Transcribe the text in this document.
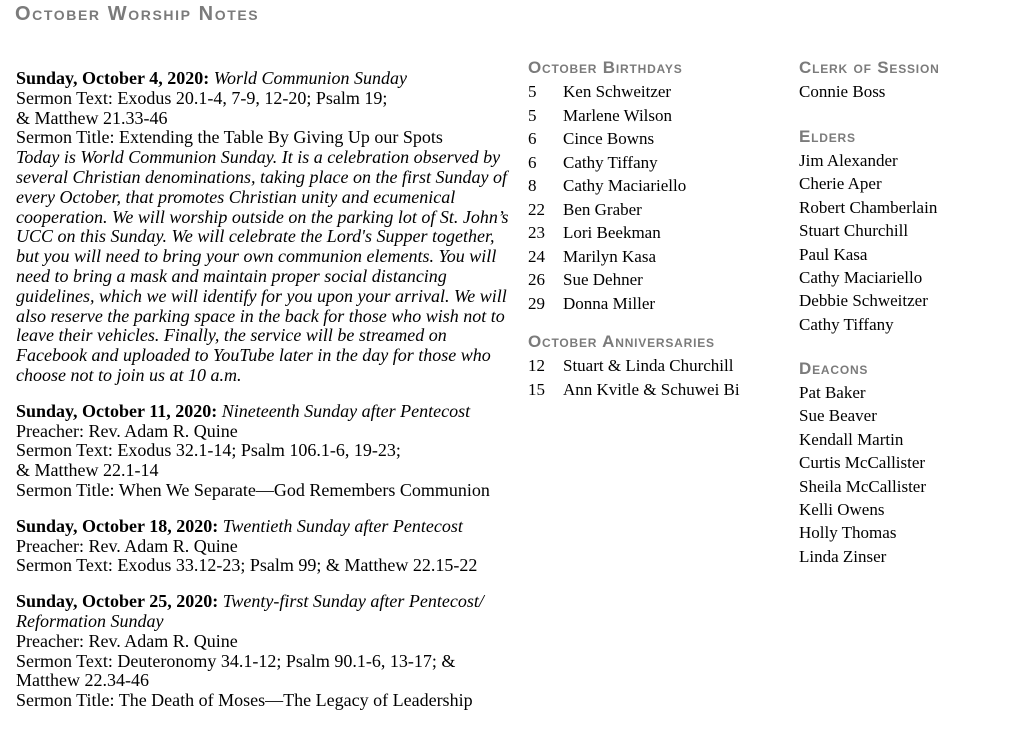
October Worship Notes
Sunday, October 4, 2020: World Communion Sunday
Sermon Text: Exodus 20.1-4, 7-9, 12-20; Psalm 19;
& Matthew 21.33-46
Sermon Title: Extending the Table By Giving Up our Spots
Today is World Communion Sunday. It is a celebration observed by
several Christian denominations, taking place on the first Sunday of
every October, that promotes Christian unity and ecumenical
cooperation. We will worship outside on the parking lot of St. John’s
UCC on this Sunday. We will celebrate the Lord's Supper together,
but you will need to bring your own communion elements. You will
need to bring a mask and maintain proper social distancing
guidelines, which we will identify for you upon your arrival. We will
also reserve the parking space in the back for those who wish not to
leave their vehicles. Finally, the service will be streamed on
Facebook and uploaded to YouTube later in the day for those who
choose not to join us at 10 a.m.
Sunday, October 11, 2020: Nineteenth Sunday after Pentecost
Preacher: Rev. Adam R. Quine
Sermon Text: Exodus 32.1-14; Psalm 106.1-6, 19-23;
& Matthew 22.1-14
Sermon Title: When We Separate—God Remembers Communion
Sunday, October 18, 2020: Twentieth Sunday after Pentecost
Preacher: Rev. Adam R. Quine
Sermon Text: Exodus 33.12-23; Psalm 99; & Matthew 22.15-22
Sunday, October 25, 2020: Twenty-first Sunday after Pentecost/
Reformation Sunday
Preacher: Rev. Adam R. Quine
Sermon Text: Deuteronomy 34.1-12; Psalm 90.1-6, 13-17; &
Matthew 22.34-46
Sermon Title: The Death of Moses—The Legacy of Leadership
October Birthdays
5	Ken Schweitzer
5	Marlene Wilson
6	Cince Bowns
6	Cathy Tiffany
8	Cathy Maciariello
22	Ben Graber
23	Lori Beekman
24	Marilyn Kasa
26	Sue Dehner
29	Donna Miller
October Anniversaries
12	Stuart & Linda Churchill
15	Ann Kvitle & Schuwei Bi
Clerk of Session
Connie Boss
Elders
Jim Alexander
Cherie Aper
Robert Chamberlain
Stuart Churchill
Paul Kasa
Cathy Maciariello
Debbie Schweitzer
Cathy Tiffany
Deacons
Pat Baker
Sue Beaver
Kendall Martin
Curtis McCallister
Sheila McCallister
Kelli Owens
Holly Thomas
Linda Zinser
